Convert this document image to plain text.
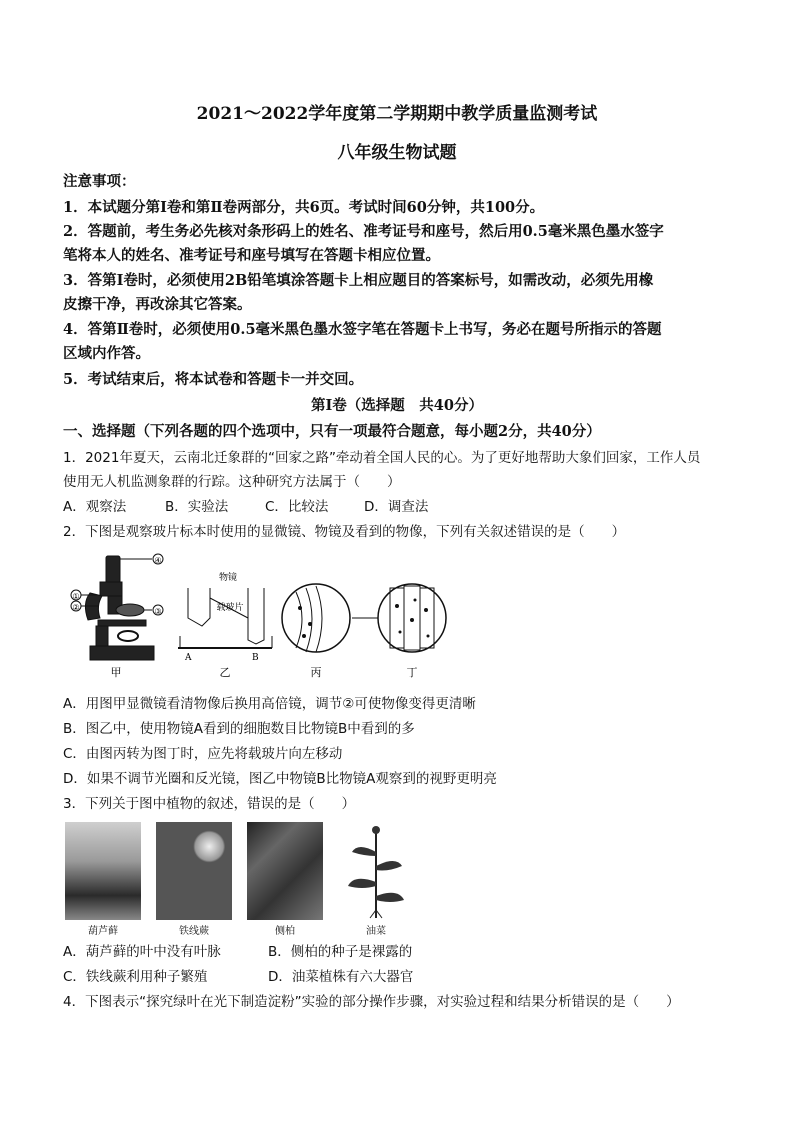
2021～2022学年度第二学期期中教学质量监测考试
八年级生物试题
注意事项：
1．本试题分第Ⅰ卷和第Ⅱ卷两部分，共6页。考试时间60分钟，共100分。
2．答题前，考生务必先核对条形码上的姓名、准考证号和座号，然后用0.5毫米黑色墨水签字
笔将本人的姓名、准考证号和座号填写在答题卡相应位置。
3．答第Ⅰ卷时，必须使用2B铅笔填涂答题卡上相应题目的答案标号，如需改动，必须先用橡
皮擦干净，再改涂其它答案。
4．答第Ⅱ卷时，必须使用0.5毫米黑色墨水签字笔在答题卡上书写，务必在题号所指示的答题
区域内作答。
5．考试结束后，将本试卷和答题卡一并交回。
第Ⅰ卷（选择题　共40分）
一、选择题（下列各题的四个选项中，只有一项最符合题意，每小题2分，共40分）
1．2021年夏天，云南北迁象群的“回家之路”牵动着全国人民的心。为了更好地帮助大象们回家，工作人员
使用无人机监测象群的行踪。这种研究方法属于（　　）
A．观察法	B．实验法	C．比较法	D．调查法
2．下图是观察玻片标本时使用的显微镜、物镜及看到的物像，下列有关叙述错误的是（　　）
④
①
②	③
甲
物镜
载玻片
A	B
乙	丙	丁
A．用图甲显微镜看清物像后换用高倍镜，调节②可使物像变得更清晰
B．图乙中，使用物镜A看到的细胞数目比物镜B中看到的多
C．由图丙转为图丁时，应先将载玻片向左移动
D．如果不调节光圈和反光镜，图乙中物镜B比物镜A观察到的视野更明亮
3．下列关于图中植物的叙述，错误的是（　　）
葫芦藓	铁线蕨	侧柏	油菜
A．葫芦藓的叶中没有叶脉	B．侧柏的种子是裸露的
C．铁线蕨利用种子繁殖	D．油菜植株有六大器官
4．下图表示“探究绿叶在光下制造淀粉”实验的部分操作步骤，对实验过程和结果分析错误的是（　　）
